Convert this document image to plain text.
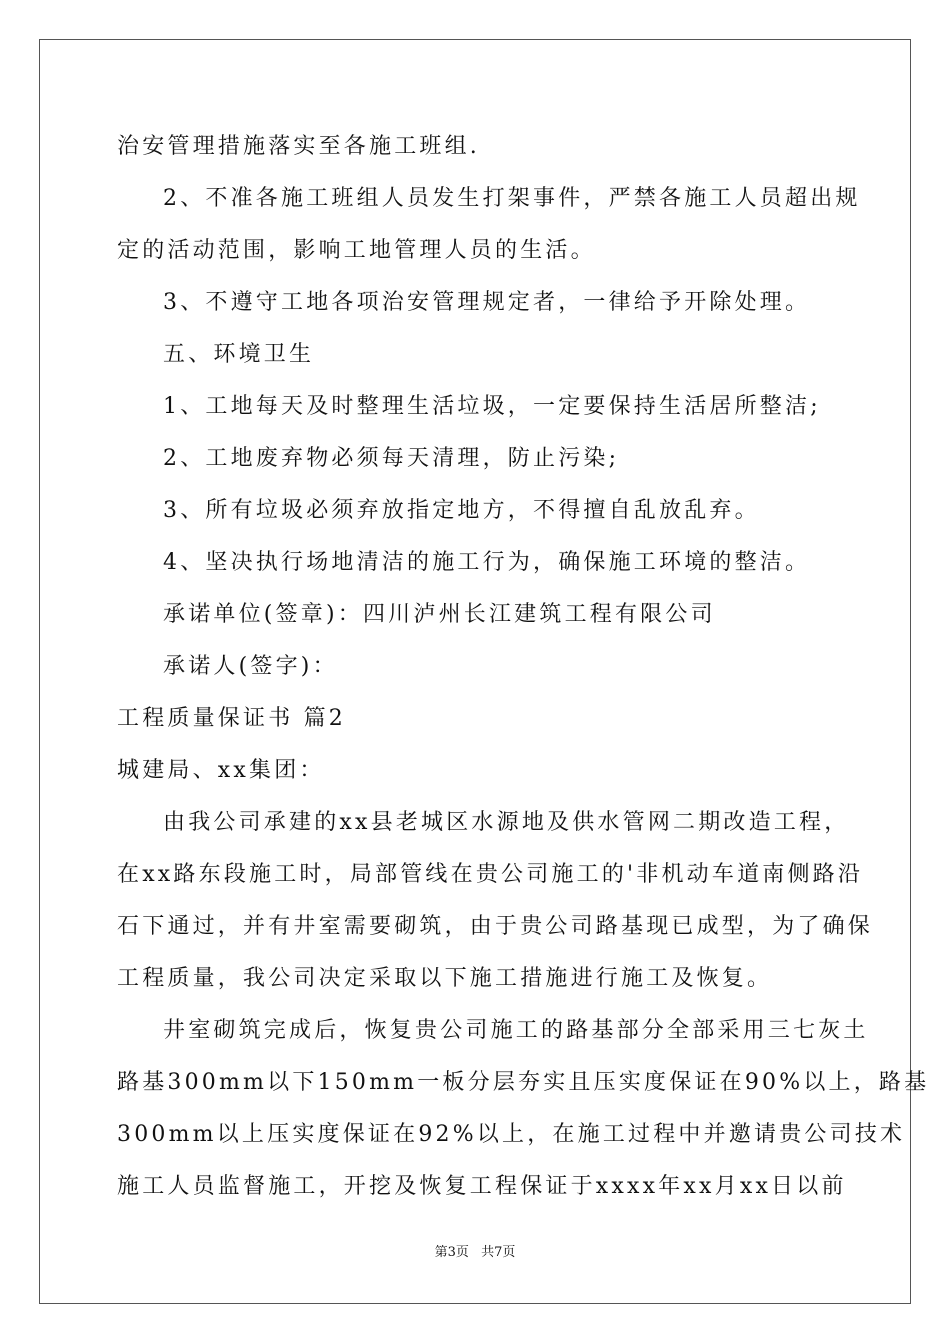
治安管理措施落实至各施工班组.
2、不准各施工班组人员发生打架事件，严禁各施工人员超出规
定的活动范围，影响工地管理人员的生活。
3、不遵守工地各项治安管理规定者，一律给予开除处理。
五、环境卫生
1、工地每天及时整理生活垃圾，一定要保持生活居所整洁;
2、工地废弃物必须每天清理，防止污染;
3、所有垃圾必须弃放指定地方，不得擅自乱放乱弃。
4、坚决执行场地清洁的施工行为，确保施工环境的整洁。
承诺单位(签章)：四川泸州长江建筑工程有限公司
承诺人(签字)：
工程质量保证书 篇2
城建局、xx集团：
由我公司承建的xx县老城区水源地及供水管网二期改造工程，
在xx路东段施工时，局部管线在贵公司施工的'非机动车道南侧路沿
石下通过，并有井室需要砌筑，由于贵公司路基现已成型，为了确保
工程质量，我公司决定采取以下施工措施进行施工及恢复。
井室砌筑完成后，恢复贵公司施工的路基部分全部采用三七灰土
路基300mm以下150mm一板分层夯实且压实度保证在90%以上，路基
300mm以上压实度保证在92%以上，在施工过程中并邀请贵公司技术
施工人员监督施工，开挖及恢复工程保证于xxxx年xx月xx日以前
第3页 共7页
